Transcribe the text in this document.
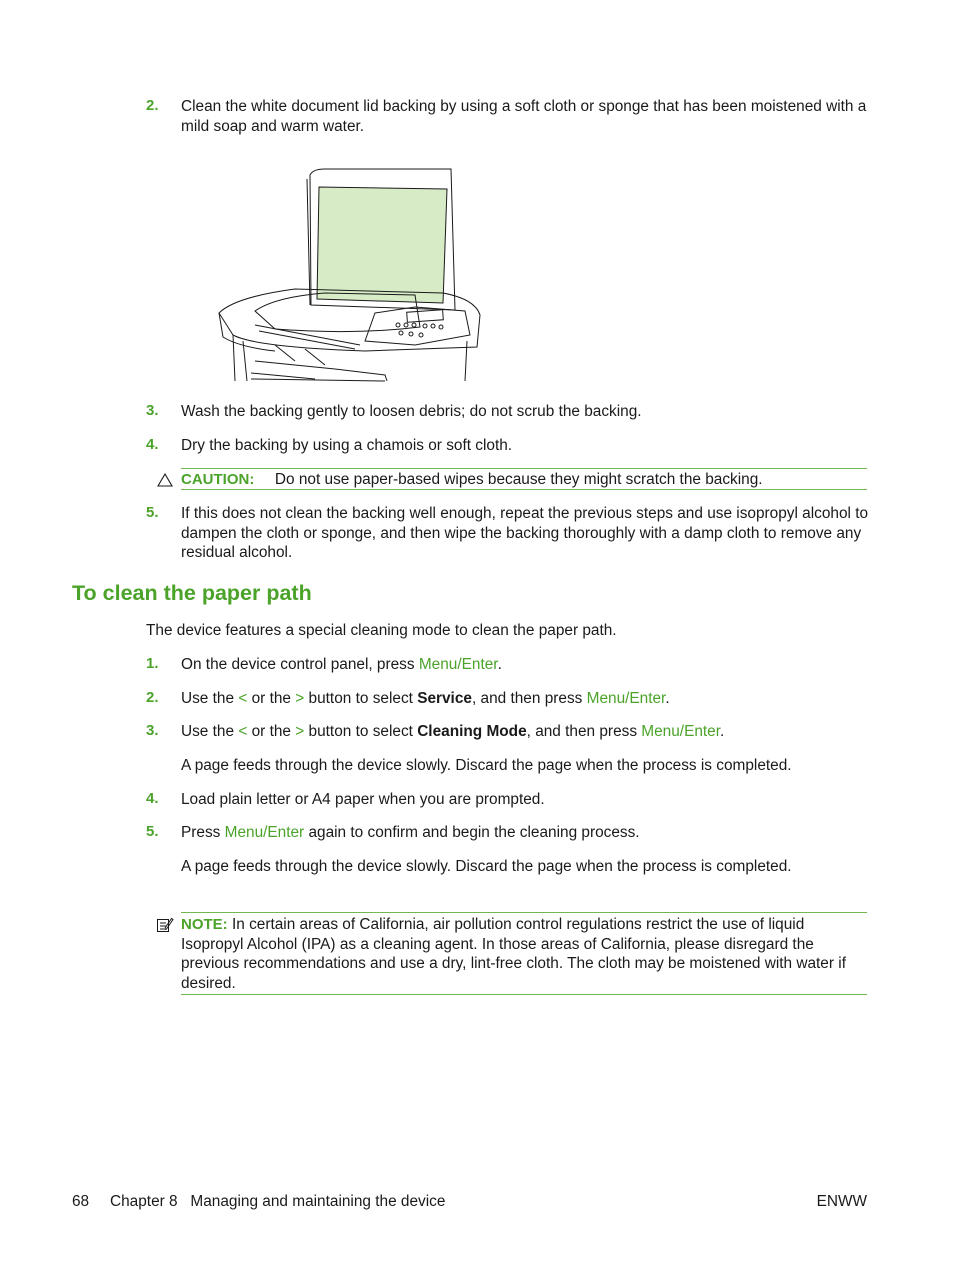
2. Clean the white document lid backing by using a soft cloth or sponge that has been moistened with a mild soap and warm water.
3. Wash the backing gently to loosen debris; do not scrub the backing.
4. Dry the backing by using a chamois or soft cloth.
CAUTION: Do not use paper-based wipes because they might scratch the backing.
5. If this does not clean the backing well enough, repeat the previous steps and use isopropyl alcohol to dampen the cloth or sponge, and then wipe the backing thoroughly with a damp cloth to remove any residual alcohol.
To clean the paper path
The device features a special cleaning mode to clean the paper path.
1. On the device control panel, press Menu/Enter.
2. Use the < or the > button to select Service, and then press Menu/Enter.
3. Use the < or the > button to select Cleaning Mode, and then press Menu/Enter.
A page feeds through the device slowly. Discard the page when the process is completed.
4. Load plain letter or A4 paper when you are prompted.
5. Press Menu/Enter again to confirm and begin the cleaning process.
A page feeds through the device slowly. Discard the page when the process is completed.
NOTE: In certain areas of California, air pollution control regulations restrict the use of liquid Isopropyl Alcohol (IPA) as a cleaning agent. In those areas of California, please disregard the previous recommendations and use a dry, lint-free cloth. The cloth may be moistened with water if desired.
68 Chapter 8   Managing and maintaining the device	ENWW
